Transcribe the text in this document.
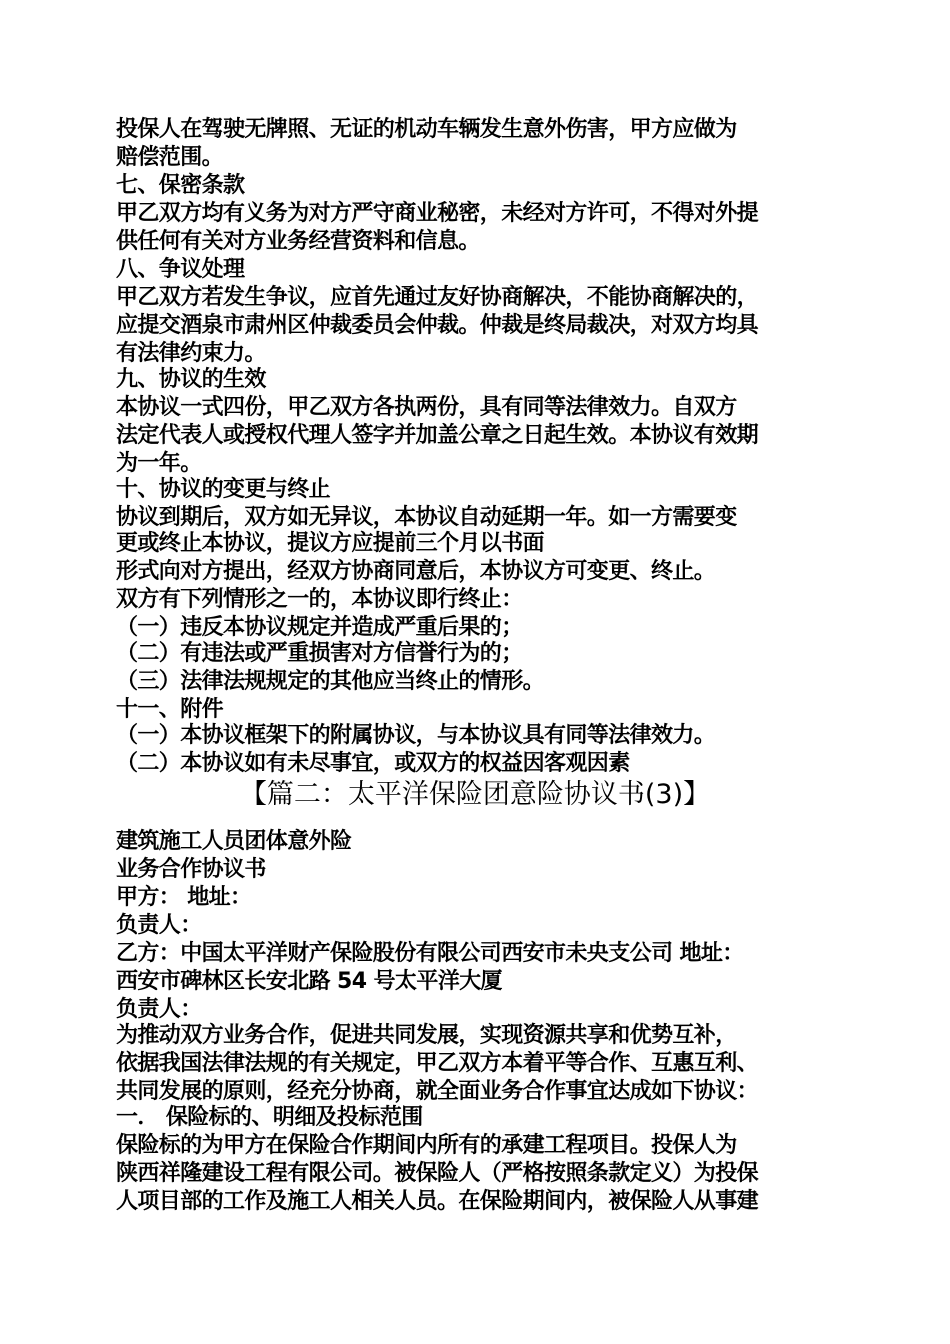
投保人在驾驶无牌照、无证的机动车辆发生意外伤害，甲方应做为
赔偿范围。
七、保密条款
甲乙双方均有义务为对方严守商业秘密，未经对方许可，不得对外提
供任何有关对方业务经营资料和信息。
八、争议处理
甲乙双方若发生争议，应首先通过友好协商解决，不能协商解决的，
应提交酒泉市肃州区仲裁委员会仲裁。仲裁是终局裁决，对双方均具
有法律约束力。
九、协议的生效
本协议一式四份，甲乙双方各执两份，具有同等法律效力。自双方
法定代表人或授权代理人签字并加盖公章之日起生效。本协议有效期
为一年。
十、协议的变更与终止
协议到期后，双方如无异议，本协议自动延期一年。如一方需要变
更或终止本协议，提议方应提前三个月以书面
形式向对方提出，经双方协商同意后，本协议方可变更、终止。
双方有下列情形之一的，本协议即行终止：
（一）违反本协议规定并造成严重后果的；
（二）有违法或严重损害对方信誉行为的；
（三）法律法规规定的其他应当终止的情形。
十一、附件
（一）本协议框架下的附属协议，与本协议具有同等法律效力。
（二）本协议如有未尽事宜，或双方的权益因客观因素
【篇二：太平洋保险团意险协议书(3)】
建筑施工人员团体意外险
业务合作协议书
甲方： 地址：
负责人：
乙方：中国太平洋财产保险股份有限公司西安市未央支公司 地址：
西安市碑林区长安北路 54 号太平洋大厦
负责人：
为推动双方业务合作，促进共同发展，实现资源共享和优势互补，
依据我国法律法规的有关规定，甲乙双方本着平等合作、互惠互利、
共同发展的原则，经充分协商，就全面业务合作事宜达成如下协议：
一． 保险标的、明细及投标范围
保险标的为甲方在保险合作期间内所有的承建工程项目。投保人为
陕西祥隆建设工程有限公司。被保险人（严格按照条款定义）为投保
人项目部的工作及施工人相关人员。在保险期间内，被保险人从事建
